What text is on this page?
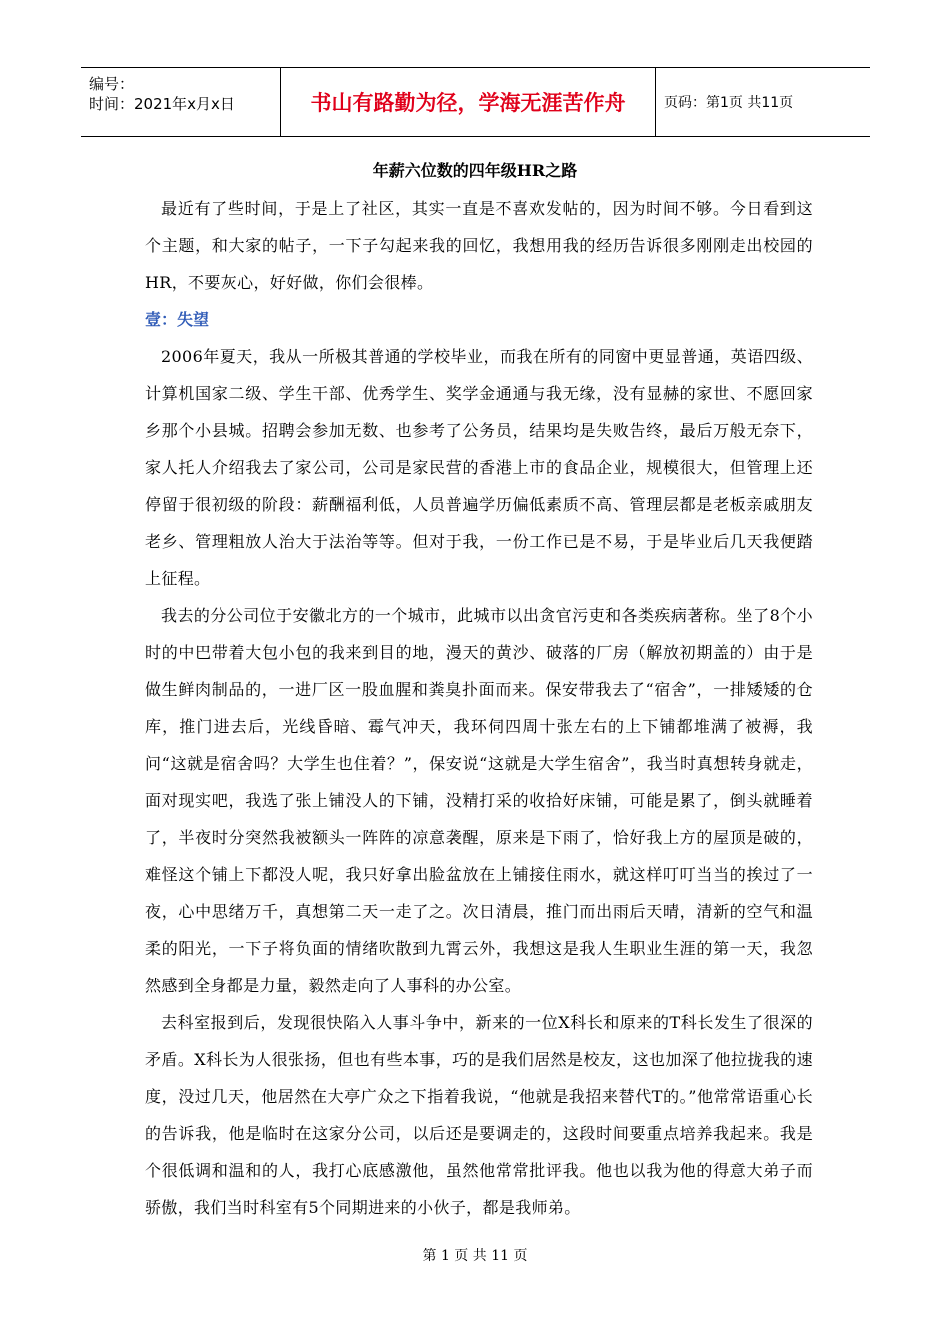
编号：
时间：2021年x月x日	书山有路勤为径，学海无涯苦作舟	页码：第1页 共11页
年薪六位数的四年级HR之路

最近有了些时间，于是上了社区，其实一直是不喜欢发帖的，因为时间不够。今日看到这个主题，和大家的帖子，一下子勾起来我的回忆，我想用我的经历告诉很多刚刚走出校园的HR，不要灰心，好好做，你们会很棒。

壹：失望

2006年夏天，我从一所极其普通的学校毕业，而我在所有的同窗中更显普通，英语四级、计算机国家二级、学生干部、优秀学生、奖学金通通与我无缘，没有显赫的家世、不愿回家乡那个小县城。招聘会参加无数、也参考了公务员，结果均是失败告终，最后万般无奈下，家人托人介绍我去了家公司，公司是家民营的香港上市的食品企业，规模很大，但管理上还停留于很初级的阶段：薪酬福利低，人员普遍学历偏低素质不高、管理层都是老板亲戚朋友老乡、管理粗放人治大于法治等等。但对于我，一份工作已是不易，于是毕业后几天我便踏上征程。

我去的分公司位于安徽北方的一个城市，此城市以出贪官污吏和各类疾病著称。坐了8个小时的中巴带着大包小包的我来到目的地，漫天的黄沙、破落的厂房（解放初期盖的）由于是做生鲜肉制品的，一进厂区一股血腥和粪臭扑面而来。保安带我去了“宿舍”，一排矮矮的仓库，推门进去后，光线昏暗、霉气冲天，我环伺四周十张左右的上下铺都堆满了被褥，我问“这就是宿舍吗？大学生也住着？”，保安说“这就是大学生宿舍”，我当时真想转身就走，面对现实吧，我选了张上铺没人的下铺，没精打采的收拾好床铺，可能是累了，倒头就睡着了，半夜时分突然我被额头一阵阵的凉意袭醒，原来是下雨了，恰好我上方的屋顶是破的，难怪这个铺上下都没人呢，我只好拿出脸盆放在上铺接住雨水，就这样叮叮当当的挨过了一夜，心中思绪万千，真想第二天一走了之。次日清晨，推门而出雨后天晴，清新的空气和温柔的阳光，一下子将负面的情绪吹散到九霄云外，我想这是我人生职业生涯的第一天，我忽然感到全身都是力量，毅然走向了人事科的办公室。

去科室报到后，发现很快陷入人事斗争中，新来的一位X科长和原来的T科长发生了很深的矛盾。X科长为人很张扬，但也有些本事，巧的是我们居然是校友，这也加深了他拉拢我的速度，没过几天，他居然在大亭广众之下指着我说，“他就是我招来替代T的。”他常常语重心长的告诉我，他是临时在这家分公司，以后还是要调走的，这段时间要重点培养我起来。我是个很低调和温和的人，我打心底感激他，虽然他常常批评我。他也以我为他的得意大弟子而骄傲，我们当时科室有5个同期进来的小伙子，都是我师弟。

第 1 页 共 11 页
